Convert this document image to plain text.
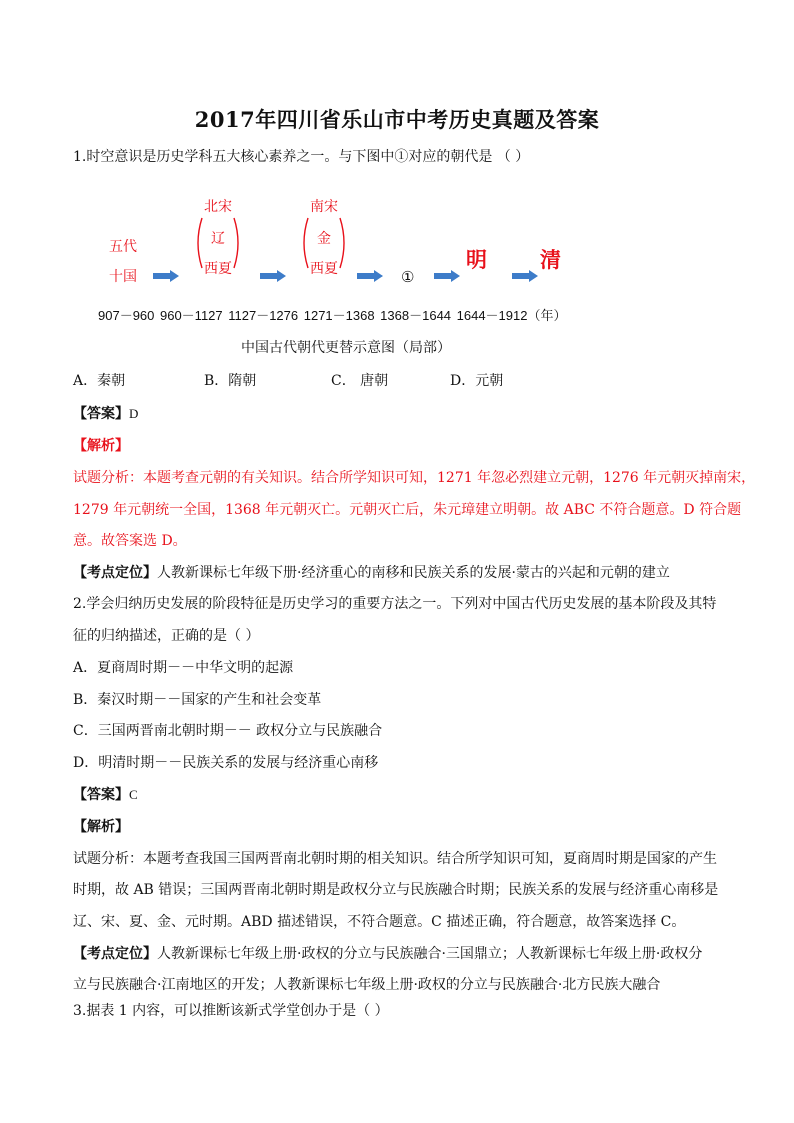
2017年四川省乐山市中考历史真题及答案
1.时空意识是历史学科五大核心素养之一。与下图中①对应的朝代是 （ ）
五代
十国
北宋
辽
西夏
南宋
金
西夏	①
明	清
907－960 960－1127 1127－1276 1271－1368 1368－1644 1644－1912（年）
中国古代朝代更替示意图（局部）
A．秦朝	B．隋朝	C． 唐朝	D．元朝
【答案】D
【解析】
试题分析：本题考查元朝的有关知识。结合所学知识可知，1271 年忽必烈建立元朝，1276 年元朝灭掉南宋，
1279 年元朝统一全国，1368 年元朝灭亡。元朝灭亡后，朱元璋建立明朝。故 ABC 不符合题意。D 符合题
意。故答案选 D。
【考点定位】人教新课标七年级下册·经济重心的南移和民族关系的发展·蒙古的兴起和元朝的建立
2.学会归纳历史发展的阶段特征是历史学习的重要方法之一。下列对中国古代历史发展的基本阶段及其特
征的归纳描述，正确的是（ ）
A．夏商周时期－－中华文明的起源
B．秦汉时期－－国家的产生和社会变革
C．三国两晋南北朝时期－－ 政权分立与民族融合
D．明清时期－－民族关系的发展与经济重心南移
【答案】C
【解析】
试题分析：本题考查我国三国两晋南北朝时期的相关知识。结合所学知识可知，夏商周时期是国家的产生
时期，故 AB 错误；三国两晋南北朝时期是政权分立与民族融合时期；民族关系的发展与经济重心南移是
辽、宋、夏、金、元时期。ABD 描述错误，不符合题意。C 描述正确，符合题意，故答案选择 C。
【考点定位】人教新课标七年级上册·政权的分立与民族融合·三国鼎立；人教新课标七年级上册·政权分
立与民族融合·江南地区的开发；人教新课标七年级上册·政权的分立与民族融合·北方民族大融合
3.据表 1 内容，可以推断该新式学堂创办于是（ ）
